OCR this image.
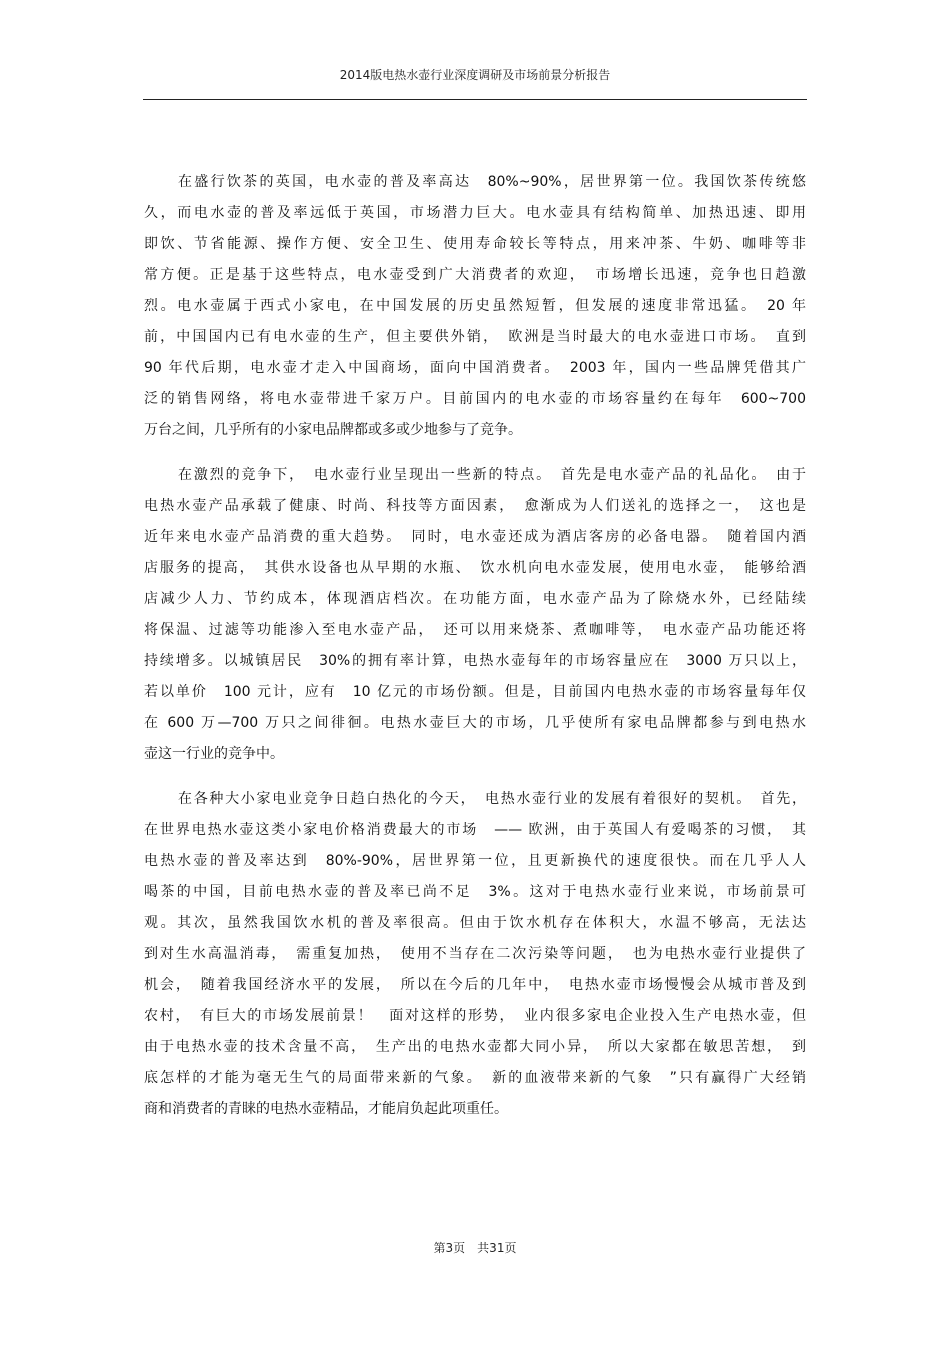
2014版电热水壶行业深度调研及市场前景分析报告
在盛行饮茶的英国，电水壶的普及率高达　80%~90%，居世界第一位。我国饮茶传统悠
久，而电水壶的普及率远低于英国，市场潜力巨大。电水壶具有结构简单、加热迅速、即用
即饮、节省能源、操作方便、安全卫生、使用寿命较长等特点，用来冲茶、牛奶、咖啡等非
常方便。正是基于这些特点，电水壶受到广大消费者的欢迎，　市场增长迅速，竞争也日趋激
烈。电水壶属于西式小家电，在中国发展的历史虽然短暂，但发展的速度非常迅猛。　20 年
前，中国国内已有电水壶的生产，但主要供外销，　欧洲是当时最大的电水壶进口市场。　直到
90 年代后期，电水壶才走入中国商场，面向中国消费者。　2003 年，国内一些品牌凭借其广
泛的销售网络，将电水壶带进千家万户。目前国内的电水壶的市场容量约在每年　600~700
万台之间，几乎所有的小家电品牌都或多或少地参与了竞争。
在激烈的竞争下，　电水壶行业呈现出一些新的特点。　首先是电水壶产品的礼品化。　由于
电热水壶产品承载了健康、时尚、科技等方面因素，　愈渐成为人们送礼的选择之一，　这也是
近年来电水壶产品消费的重大趋势。　同时，电水壶还成为酒店客房的必备电器。　随着国内酒
店服务的提高，　其供水设备也从早期的水瓶、　饮水机向电水壶发展，使用电水壶，　能够给酒
店减少人力、节约成本，体现酒店档次。在功能方面，电水壶产品为了除烧水外，已经陆续
将保温、过滤等功能渗入至电水壶产品，　还可以用来烧茶、煮咖啡等，　电水壶产品功能还将
持续增多。以城镇居民　30%的拥有率计算，电热水壶每年的市场容量应在　3000 万只以上，
若以单价　100 元计，应有　10 亿元的市场份额。但是，目前国内电热水壶的市场容量每年仅
在 600 万—700 万只之间徘徊。电热水壶巨大的市场，几乎使所有家电品牌都参与到电热水
壶这一行业的竞争中。
在各种大小家电业竞争日趋白热化的今天，　电热水壶行业的发展有着很好的契机。　首先，
在世界电热水壶这类小家电价格消费最大的市场　—— 欧洲，由于英国人有爱喝茶的习惯，　其
电热水壶的普及率达到　80%-90%，居世界第一位，且更新换代的速度很快。而在几乎人人
喝茶的中国，目前电热水壶的普及率已尚不足　3%。这对于电热水壶行业来说，市场前景可
观。其次，虽然我国饮水机的普及率很高。但由于饮水机存在体积大，水温不够高，无法达
到对生水高温消毒，　需重复加热，　使用不当存在二次污染等问题，　也为电热水壶行业提供了
机会，　随着我国经济水平的发展，　所以在今后的几年中，　电热水壶市场慢慢会从城市普及到
农村，　有巨大的市场发展前景！　面对这样的形势，　业内很多家电企业投入生产电热水壶，但
由于电热水壶的技术含量不高，　生产出的电热水壶都大同小异，　所以大家都在敏思苦想，　到
底怎样的才能为毫无生气的局面带来新的气象。　新的血液带来新的气象　”只有赢得广大经销
商和消费者的青睐的电热水壶精品，才能肩负起此项重任。
第3页　共31页
